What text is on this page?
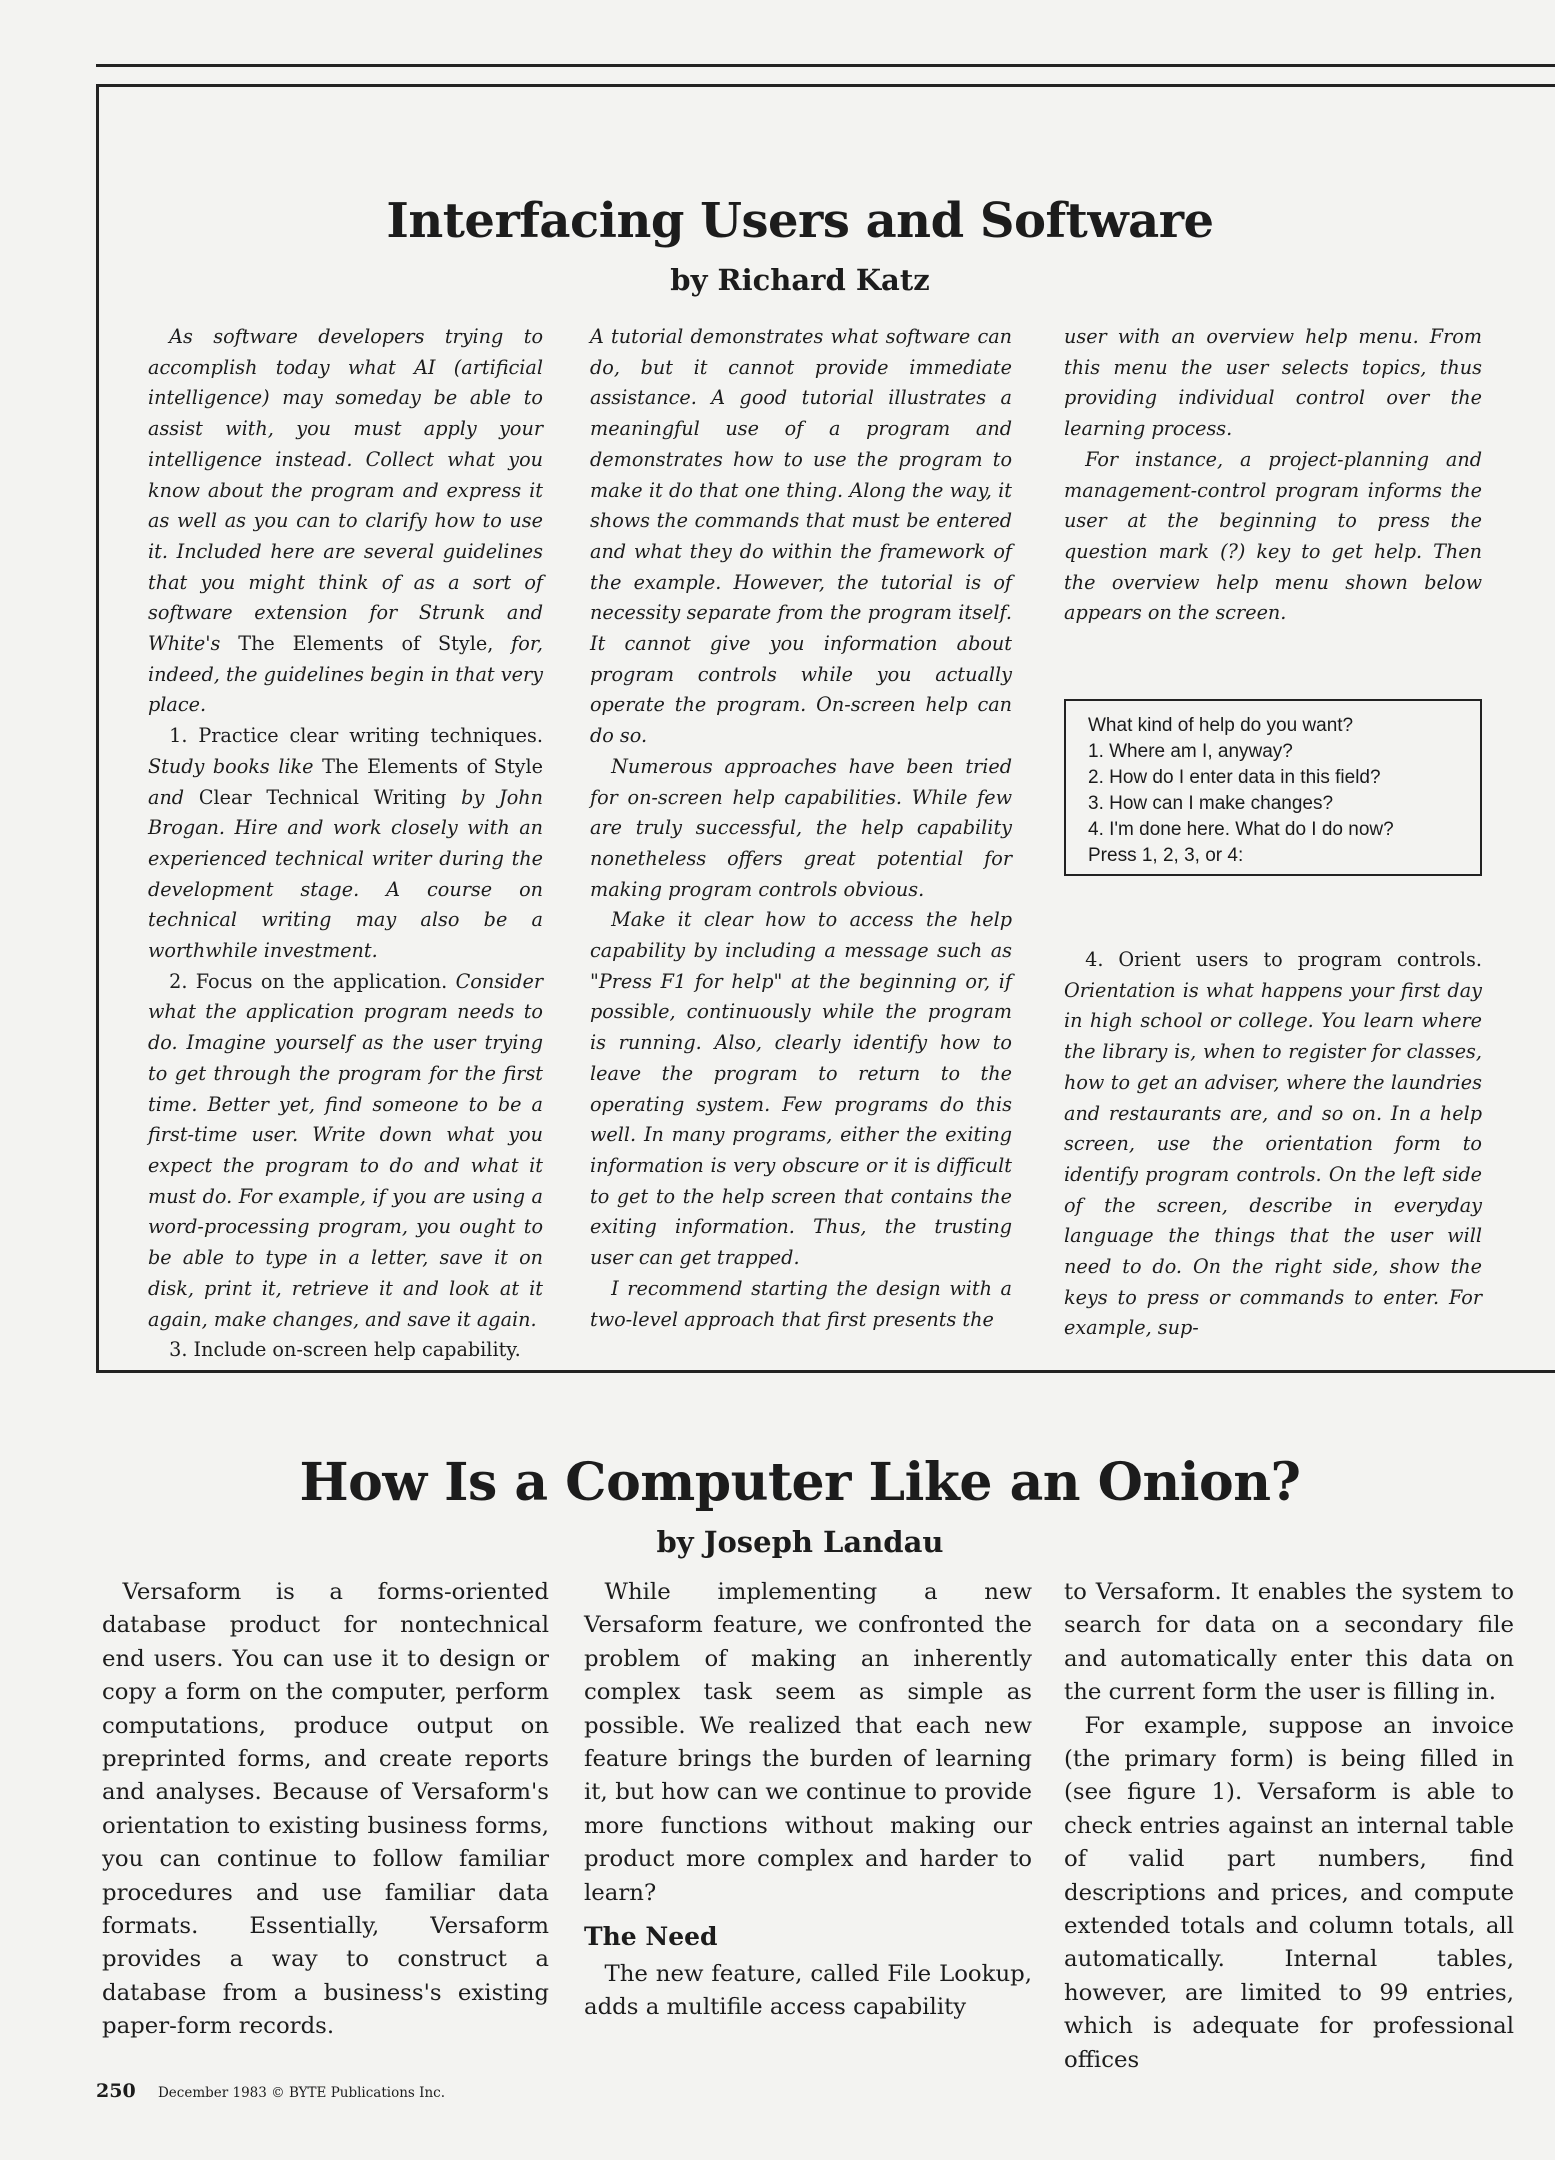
Interfacing Users and Software
by Richard Katz

As software developers trying to accomplish today what AI (artificial intelligence) may someday be able to assist with, you must apply your intelligence instead. Collect what you know about the program and express it as well as you can to clarify how to use it. Included here are several guidelines that you might think of as a sort of software extension for Strunk and White's The Elements of Style, for, indeed, the guidelines begin in that very place.

1. Practice clear writing techniques. Study books like The Elements of Style and Clear Technical Writing by John Brogan. Hire and work closely with an experienced technical writer during the development stage. A course on technical writing may also be a worthwhile investment.

2. Focus on the application. Consider what the application program needs to do. Imagine yourself as the user trying to get through the program for the first time. Better yet, find someone to be a first-time user. Write down what you expect the program to do and what it must do. For example, if you are using a word-processing program, you ought to be able to type in a letter, save it on disk, print it, retrieve it and look at it again, make changes, and save it again.

3. Include on-screen help capability.

A tutorial demonstrates what software can do, but it cannot provide immediate assistance. A good tutorial illustrates a meaningful use of a program and demonstrates how to use the program to make it do that one thing. Along the way, it shows the commands that must be entered and what they do within the framework of the example. However, the tutorial is of necessity separate from the program itself. It cannot give you information about program controls while you actually operate the program. On-screen help can do so.

Numerous approaches have been tried for on-screen help capabilities. While few are truly successful, the help capability nonetheless offers great potential for making program controls obvious.

Make it clear how to access the help capability by including a message such as "Press F1 for help" at the beginning or, if possible, continuously while the program is running. Also, clearly identify how to leave the program to return to the operating system. Few programs do this well. In many programs, either the exiting information is very obscure or it is difficult to get to the help screen that contains the exiting information. Thus, the trusting user can get trapped.

I recommend starting the design with a two-level approach that first presents the

user with an overview help menu. From this menu the user selects topics, thus providing individual control over the learning process.

For instance, a project-planning and management-control program informs the user at the beginning to press the question mark (?) key to get help. Then the overview help menu shown below appears on the screen.

What kind of help do you want?
1. Where am I, anyway?
2. How do I enter data in this field?
3. How can I make changes?
4. I'm done here. What do I do now?
Press 1, 2, 3, or 4:

4. Orient users to program controls. Orientation is what happens your first day in high school or college. You learn where the library is, when to register for classes, how to get an adviser, where the laundries and restaurants are, and so on. In a help screen, use the orientation form to identify program controls. On the left side of the screen, describe in everyday language the things that the user will need to do. On the right side, show the keys to press or commands to enter. For example, sup-

How Is a Computer Like an Onion?
by Joseph Landau

Versaform is a forms-oriented database product for nontechnical end users. You can use it to design or copy a form on the computer, perform computations, produce output on preprinted forms, and create reports and analyses. Because of Versaform's orientation to existing business forms, you can continue to follow familiar procedures and use familiar data formats. Essentially, Versaform provides a way to construct a database from a business's existing paper-form records.

While implementing a new Versaform feature, we confronted the problem of making an inherently complex task seem as simple as possible. We realized that each new feature brings the burden of learning it, but how can we continue to provide more functions without making our product more complex and harder to learn?

The Need

The new feature, called File Lookup, adds a multifile access capability

to Versaform. It enables the system to search for data on a secondary file and automatically enter this data on the current form the user is filling in.

For example, suppose an invoice (the primary form) is being filled in (see figure 1). Versaform is able to check entries against an internal table of valid part numbers, find descriptions and prices, and compute extended totals and column totals, all automatically. Internal tables, however, are limited to 99 entries, which is adequate for professional offices

250 December 1983 © BYTE Publications Inc.
